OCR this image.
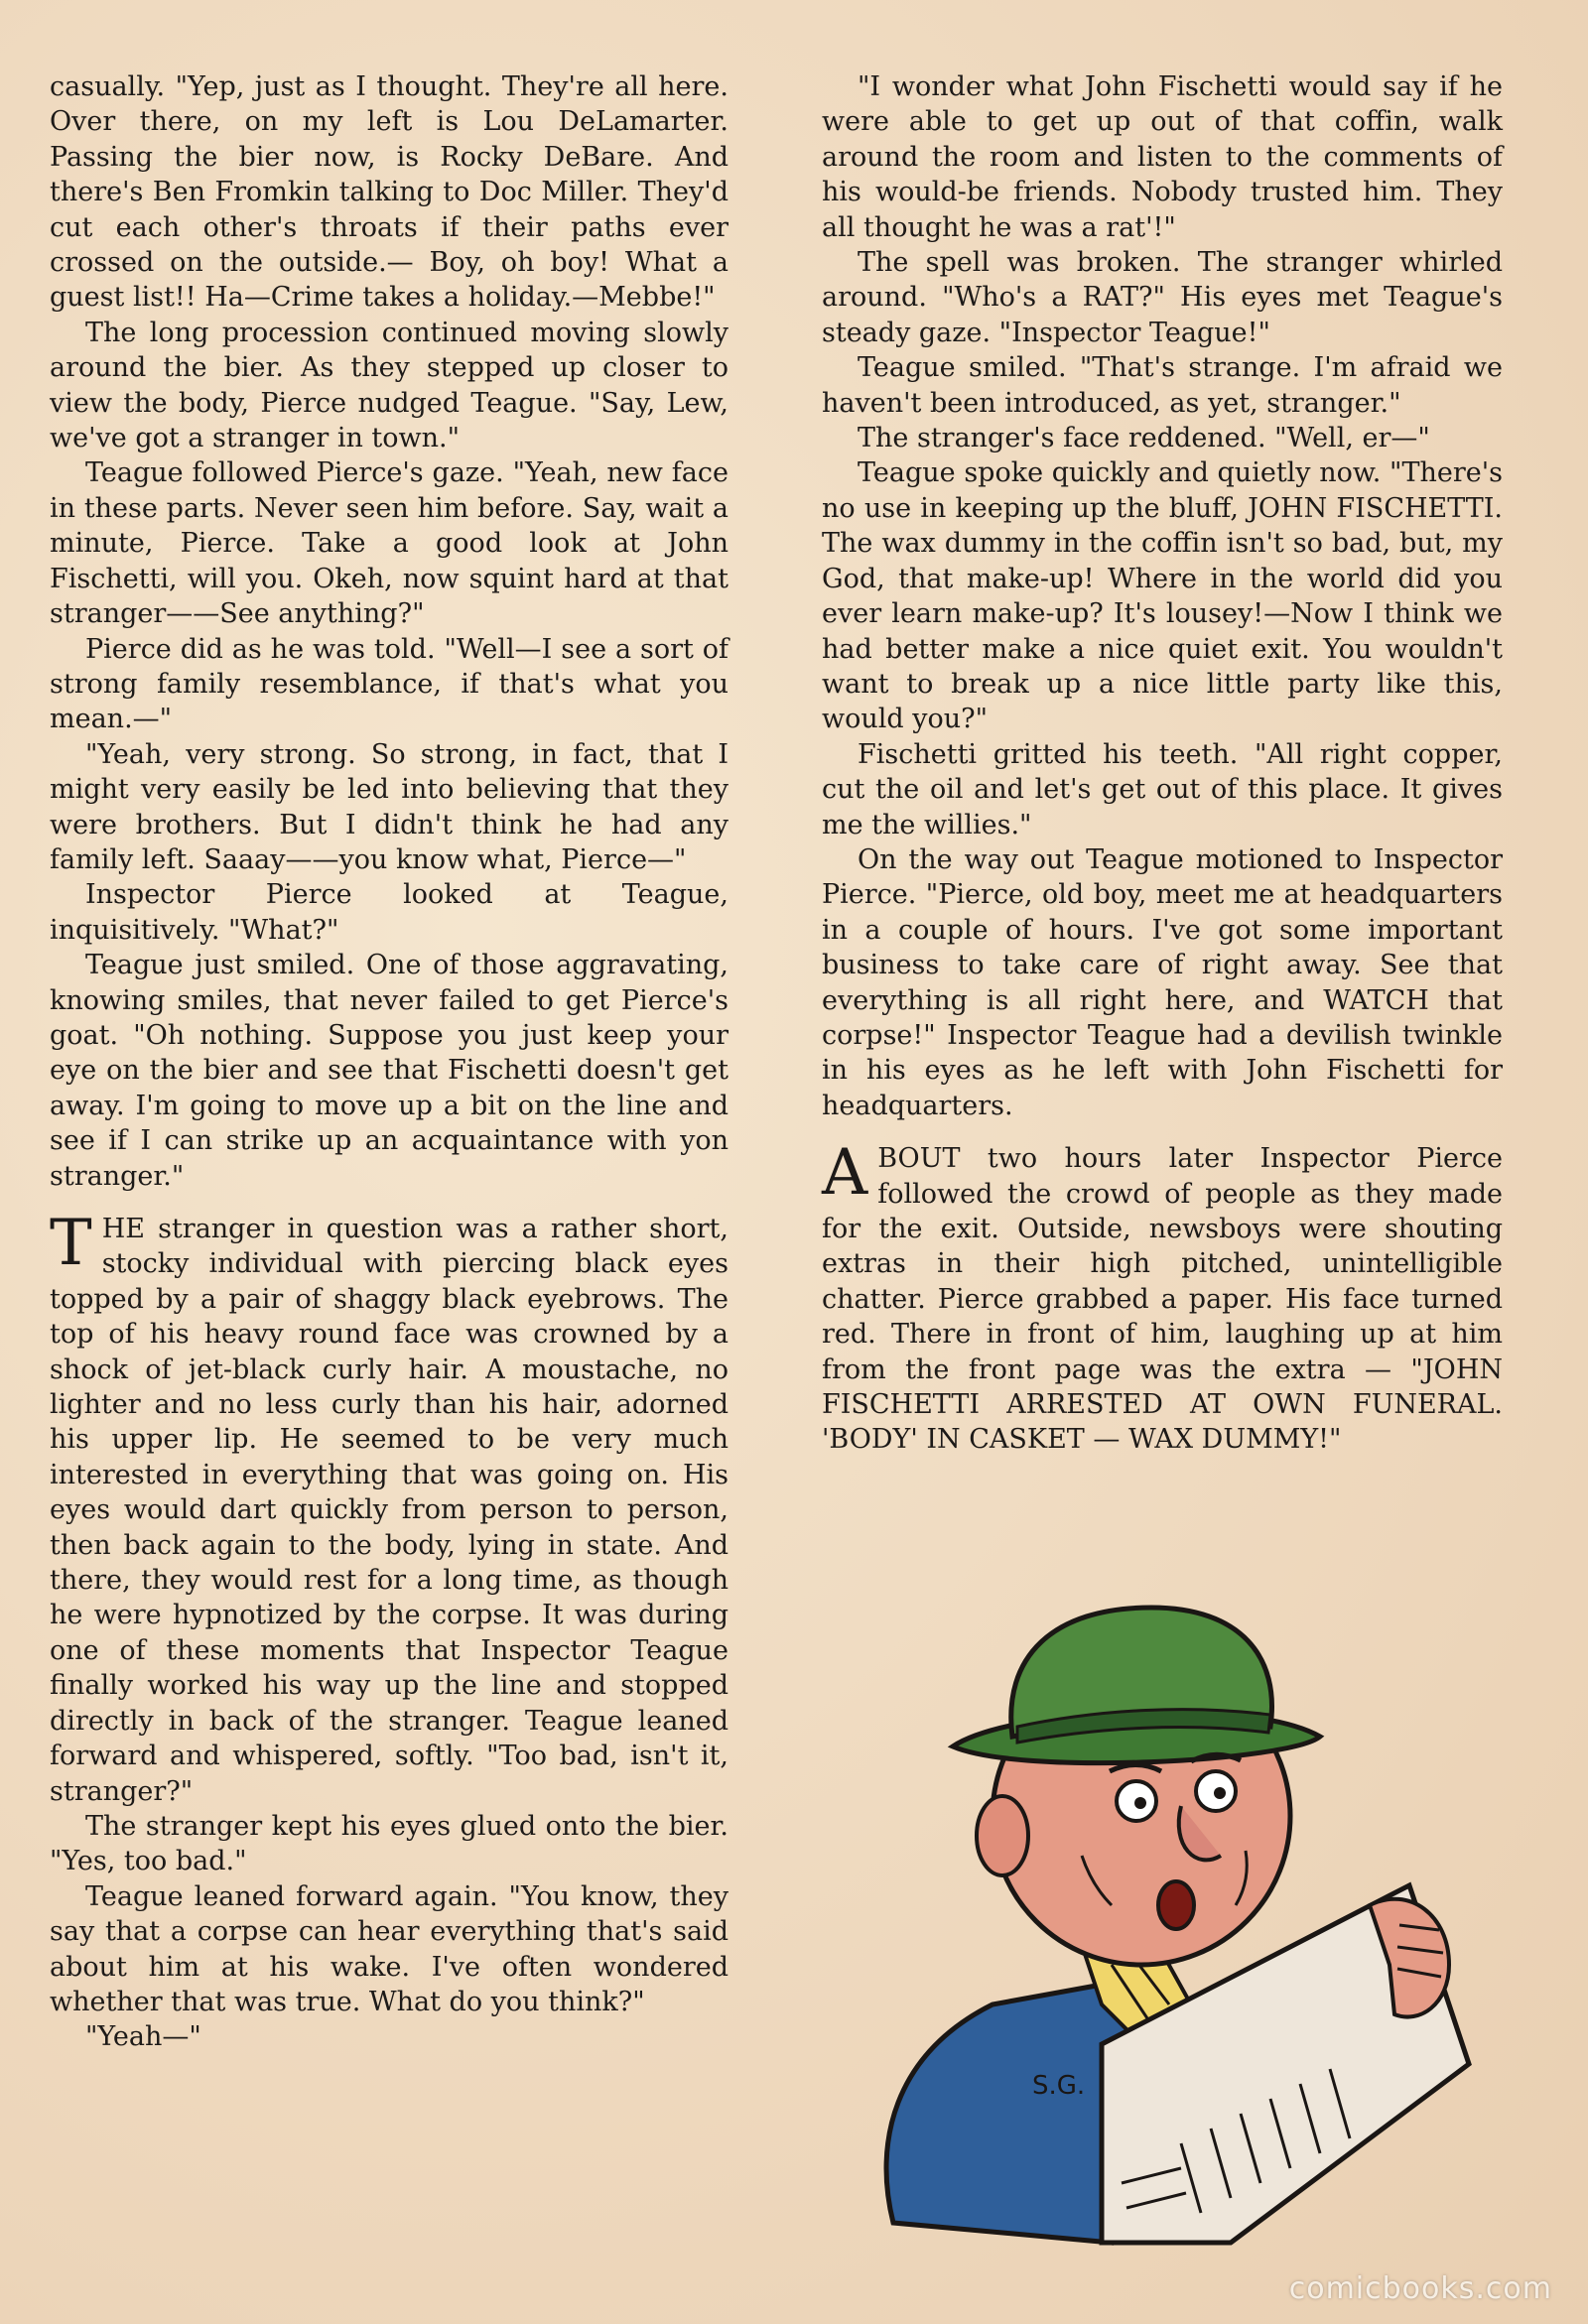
casually. "Yep, just as I thought. They're all here. Over there, on my left is Lou DeLamarter. Passing the bier now, is Rocky DeBare. And there's Ben Fromkin talking to Doc Miller. They'd cut each other's throats if their paths ever crossed on the outside.— Boy, oh boy! What a guest list!! Ha—Crime takes a holiday.—Mebbe!"

The long procession continued moving slowly around the bier. As they stepped up closer to view the body, Pierce nudged Teague. "Say, Lew, we've got a stranger in town."

Teague followed Pierce's gaze. "Yeah, new face in these parts. Never seen him before. Say, wait a minute, Pierce. Take a good look at John Fischetti, will you. Okeh, now squint hard at that stranger——See anything?"

Pierce did as he was told. "Well—I see a sort of strong family resemblance, if that's what you mean.—"

"Yeah, very strong. So strong, in fact, that I might very easily be led into believing that they were brothers. But I didn't think he had any family left. Saaay——you know what, Pierce—"

Inspector Pierce looked at Teague, inquisitively. "What?"

Teague just smiled. One of those aggravating, knowing smiles, that never failed to get Pierce's goat. "Oh nothing. Suppose you just keep your eye on the bier and see that Fischetti doesn't get away. I'm going to move up a bit on the line and see if I can strike up an acquaintance with yon stranger."

THE stranger in question was a rather short, stocky individual with piercing black eyes topped by a pair of shaggy black eyebrows. The top of his heavy round face was crowned by a shock of jet-black curly hair. A moustache, no lighter and no less curly than his hair, adorned his upper lip. He seemed to be very much interested in everything that was going on. His eyes would dart quickly from person to person, then back again to the body, lying in state. And there, they would rest for a long time, as though he were hypnotized by the corpse. It was during one of these moments that Inspector Teague finally worked his way up the line and stopped directly in back of the stranger. Teague leaned forward and whispered, softly. "Too bad, isn't it, stranger?"

The stranger kept his eyes glued onto the bier. "Yes, too bad."

Teague leaned forward again. "You know, they say that a corpse can hear everything that's said about him at his wake. I've often wondered whether that was true. What do you think?"

"Yeah—"

"I wonder what John Fischetti would say if he were able to get up out of that coffin, walk around the room and listen to the comments of his would-be friends. Nobody trusted him. They all thought he was a rat'!"

The spell was broken. The stranger whirled around. "Who's a RAT?" His eyes met Teague's steady gaze. "Inspector Teague!"

Teague smiled. "That's strange. I'm afraid we haven't been introduced, as yet, stranger."

The stranger's face reddened. "Well, er—"

Teague spoke quickly and quietly now. "There's no use in keeping up the bluff, JOHN FISCHETTI. The wax dummy in the coffin isn't so bad, but, my God, that make-up! Where in the world did you ever learn make-up? It's lousey!—Now I think we had better make a nice quiet exit. You wouldn't want to break up a nice little party like this, would you?"

Fischetti gritted his teeth. "All right copper, cut the oil and let's get out of this place. It gives me the willies."

On the way out Teague motioned to Inspector Pierce. "Pierce, old boy, meet me at headquarters in a couple of hours. I've got some important business to take care of right away. See that everything is all right here, and WATCH that corpse!" Inspector Teague had a devilish twinkle in his eyes as he left with John Fischetti for headquarters.

ABOUT two hours later Inspector Pierce followed the crowd of people as they made for the exit. Outside, newsboys were shouting extras in their high pitched, unintelligible chatter. Pierce grabbed a paper. His face turned red. There in front of him, laughing up at him from the front page was the extra — "JOHN FISCHETTI ARRESTED AT OWN FUNERAL. 'BODY' IN CASKET — WAX DUMMY!"

S.G.
comicbooks.com
